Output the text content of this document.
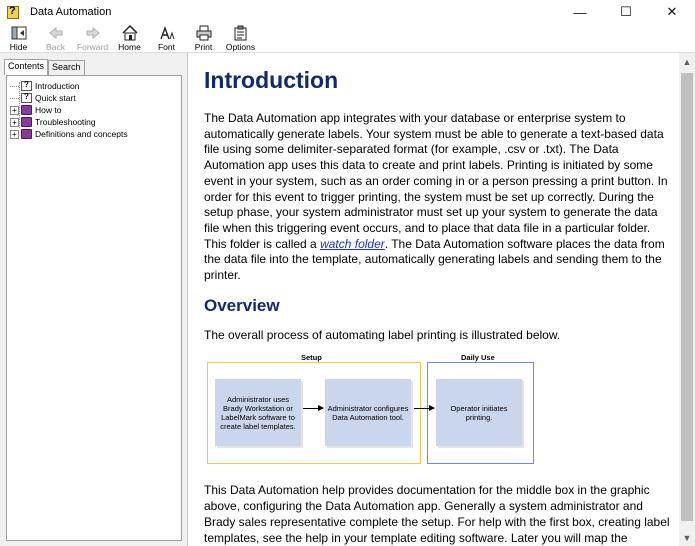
? Data Automation	—	☐	✕
Hide Back Forward Home Font Print Options
Contents Search
?
Introduction
?
Quick start
+ How to
+ Troubleshooting
+ Definitions and concepts
Introduction

The Data Automation app integrates with your database or enterprise system to automatically generate labels. Your system must be able to generate a text-based data file using some delimiter-separated format (for example, .csv or .txt). The Data Automation app uses this data to create and print labels. Printing is initiated by some event in your system, such as an order coming in or a person pressing a print button. In order for this event to trigger printing, the system must be set up correctly. During the setup phase, your system administrator must set up your system to generate the data file when this triggering event occurs, and to place that data file in a particular folder. This folder is called a watch folder. The Data Automation software places the data from the data file into the template, automatically generating labels and sending them to the printer.

Overview

The overall process of automating label printing is illustrated below.

Setup	Daily Use
Administrator uses Brady Workstation or LabelMark software to create label templates.
Administrator configures Data Automation tool.
Operator initiates printing.

This Data Automation help provides documentation for the middle box in the graphic above, configuring the Data Automation app. Generally a system administrator and Brady sales representative complete the setup. For help with the first box, creating label templates, see the help in your template editing software. Later you will map the

▲
▼
